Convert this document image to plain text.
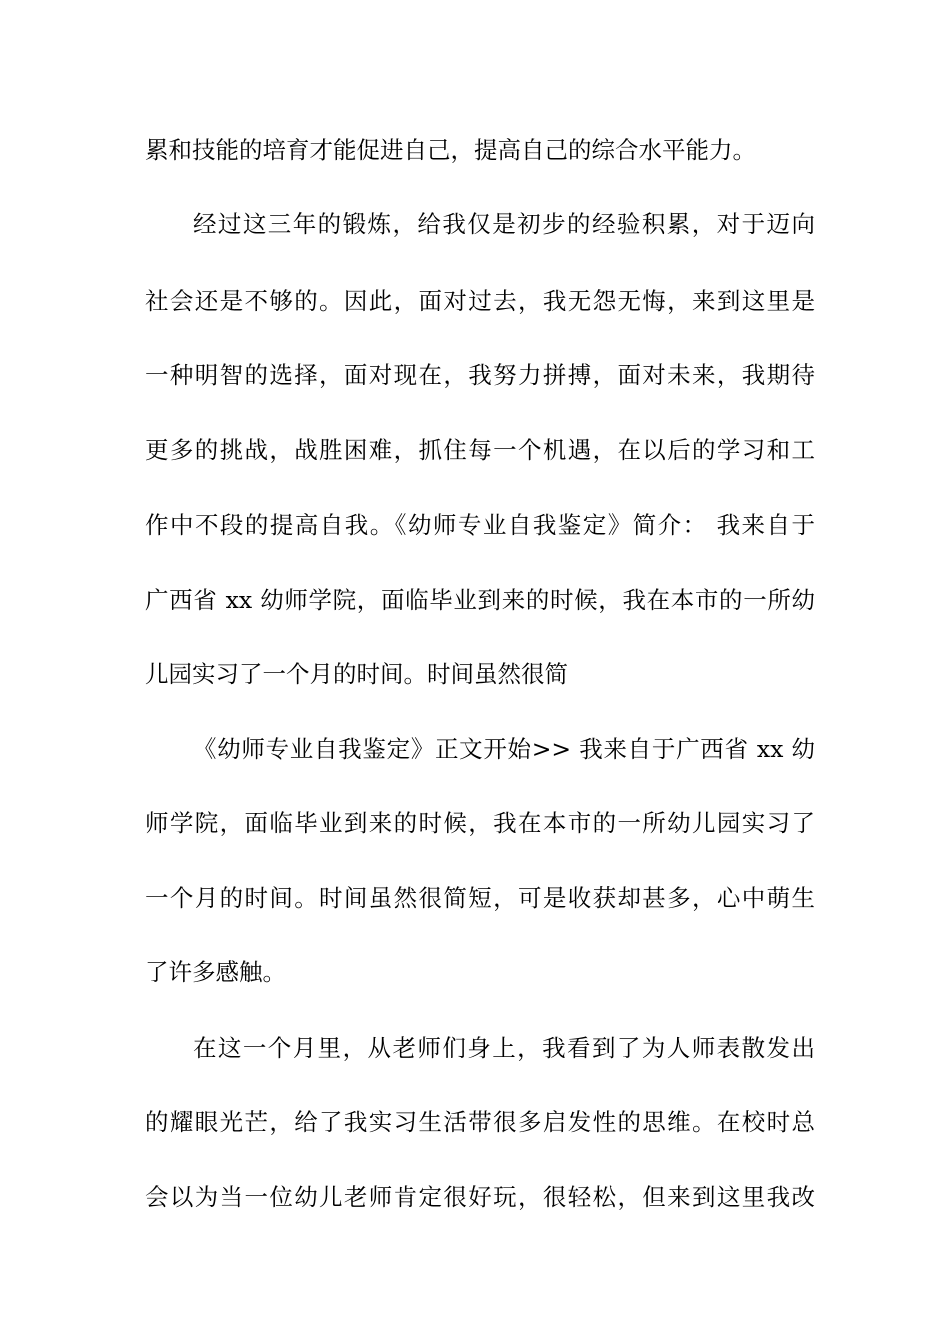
累和技能的培育才能促进自己，提高自己的综合水平能力。
经过这三年的锻炼，给我仅是初步的经验积累，对于迈向
社会还是不够的。因此，面对过去，我无怨无悔，来到这里是
一种明智的选择，面对现在，我努力拼搏，面对未来，我期待
更多的挑战，战胜困难，抓住每一个机遇，在以后的学习和工
作中不段的提高自我。《幼师专业自我鉴定》简介： 我来自于
广西省 xx 幼师学院，面临毕业到来的时候，我在本市的一所幼
儿园实习了一个月的时间。时间虽然很简
《幼师专业自我鉴定》正文开始>> 我来自于广西省 xx 幼
师学院，面临毕业到来的时候，我在本市的一所幼儿园实习了
一个月的时间。时间虽然很简短，可是收获却甚多，心中萌生
了许多感触。
在这一个月里，从老师们身上，我看到了为人师表散发出
的耀眼光芒，给了我实习生活带很多启发性的思维。在校时总
会以为当一位幼儿老师肯定很好玩，很轻松，但来到这里我改
